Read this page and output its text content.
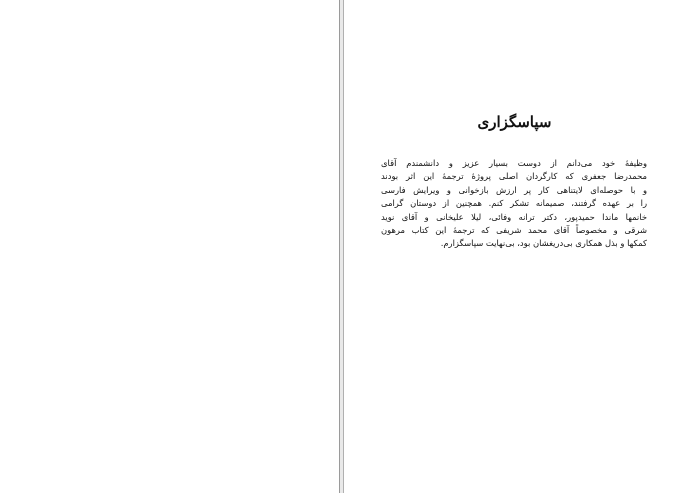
سپاسگزاری

وظیفهٔ خود می‌دانم از دوست بسیار عزیز و دانشمندم آقای
محمدرضا جعفری که کارگردان اصلی پروژهٔ ترجمهٔ این اثر بودند
و با حوصله‌ای لایتناهی کار پر ارزش بازخوانی و ویرایش فارسی
را بر عهده گرفتند، صمیمانه تشکر کنم. همچنین از دوستان گرامی
خانمها ماندا حمیدپور، دکتر ترانه وفائی، لیلا علیخانی و آقای نوید
شرقی و مخصوصاً آقای محمد شریفی که ترجمهٔ این کتاب مرهون
کمکها و بذل همکاری بی‌دریغشان بود، بی‌نهایت سپاسگزارم.
